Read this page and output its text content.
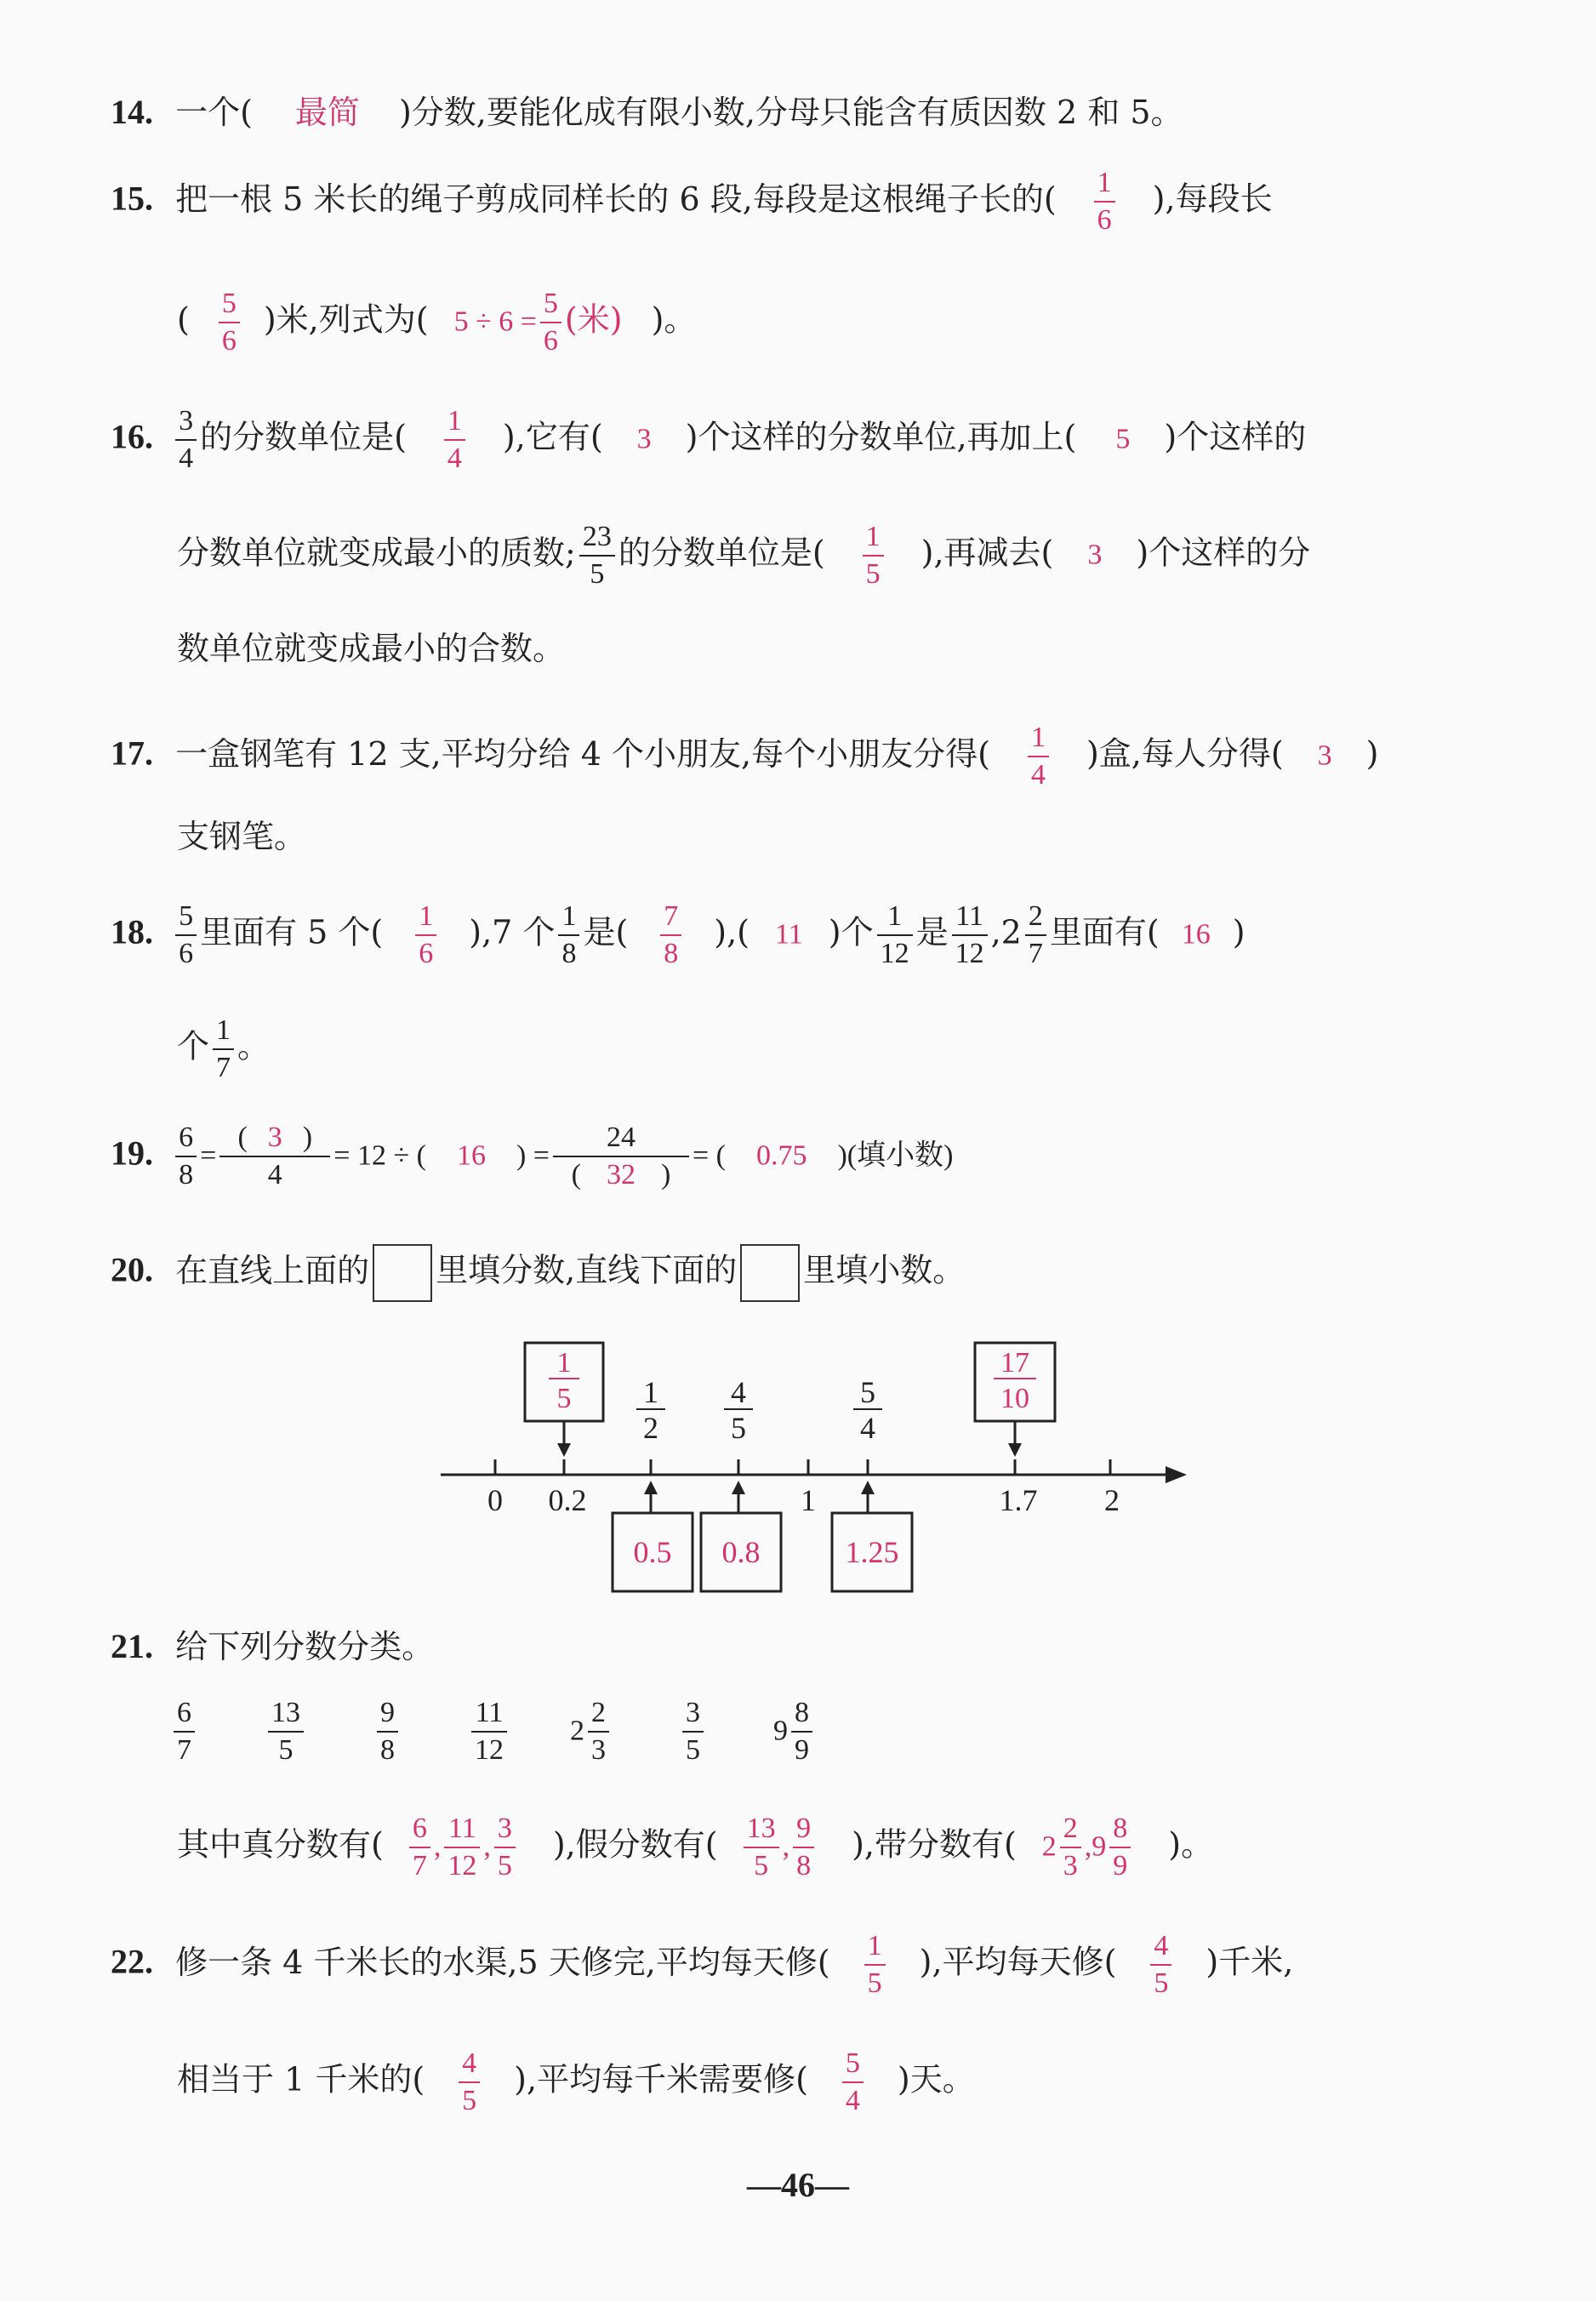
14. 一个( 最简 )分数,要能化成有限小数,分母只能含有质因数 2 和 5。
15. 把一根 5 米长的绳子剪成同样长的 6 段,每段是这根绳子长的( $\frac{1}{6}$ ),每段长
( $\frac{5}{6}$ )米,列式为( $5 \div 6 = \frac{5}{6}$ (米) )。
16. $\frac{3}{4}$ 的分数单位是( $\frac{1}{4}$ ),它有( 3 )个这样的分数单位,再加上( 5 )个这样的
分数单位就变成最小的质数; $\frac{23}{5}$ 的分数单位是( $\frac{1}{5}$ ),再减去( 3 )个这样的分
数单位就变成最小的合数。
17. 一盒钢笔有 12 支,平均分给 4 个小朋友,每个小朋友分得( $\frac{1}{4}$ )盒,每人分得( 3 )
支钢笔。
18. $\frac{5}{6}$ 里面有 5 个( $\frac{1}{6} ),7$ 个 $\frac{1}{8}$ 是( $\frac{7}{8}$ ),( 11 )个 $\frac{1}{12}$ 是 $\frac{11}{12} ,2 \frac{2}{7}$ 里面有( 16 )
个 $\frac{1}{7}$ 。
19. $\frac{6}{8} = \frac{( 3 )}{4} = 12$ ÷ ( 16 ) = $\frac{24}{( 32 )}$ = ( 0.75 )(填小数)
20. 在直线上面的 里填分数,直线下面的 里填小数。
0 0.2	1	1.7 2
1
5 1
2
4
5
5
4
17
10
0.5 0.8	1.25
21. 给下列分数分类。
$\frac{6}{7}$	$\frac{13}{5}$	$\frac{9}{8}$	$\frac{11}{12} 2 \frac{2}{3}$	$\frac{3}{5} 9 \frac{8}{9}$
其中真分数有( $\frac{6}{7}$ , $\frac{11}{12}$ , $\frac{3}{5}$ ),假分数有( $\frac{13}{5}$ , $\frac{9}{8}$ ),带分数有( $2 \frac{2}{3} ,9 \frac{8}{9}$ )。
22. 修一条 4 千米长的水渠,5 天修完,平均每天修( $\frac{1}{5}$ ),平均每天修( $\frac{4}{5}$ )千米,
相当于 1 千米的( $\frac{4}{5}$ ),平均每千米需要修( $\frac{5}{4}$ )天。
—46—
